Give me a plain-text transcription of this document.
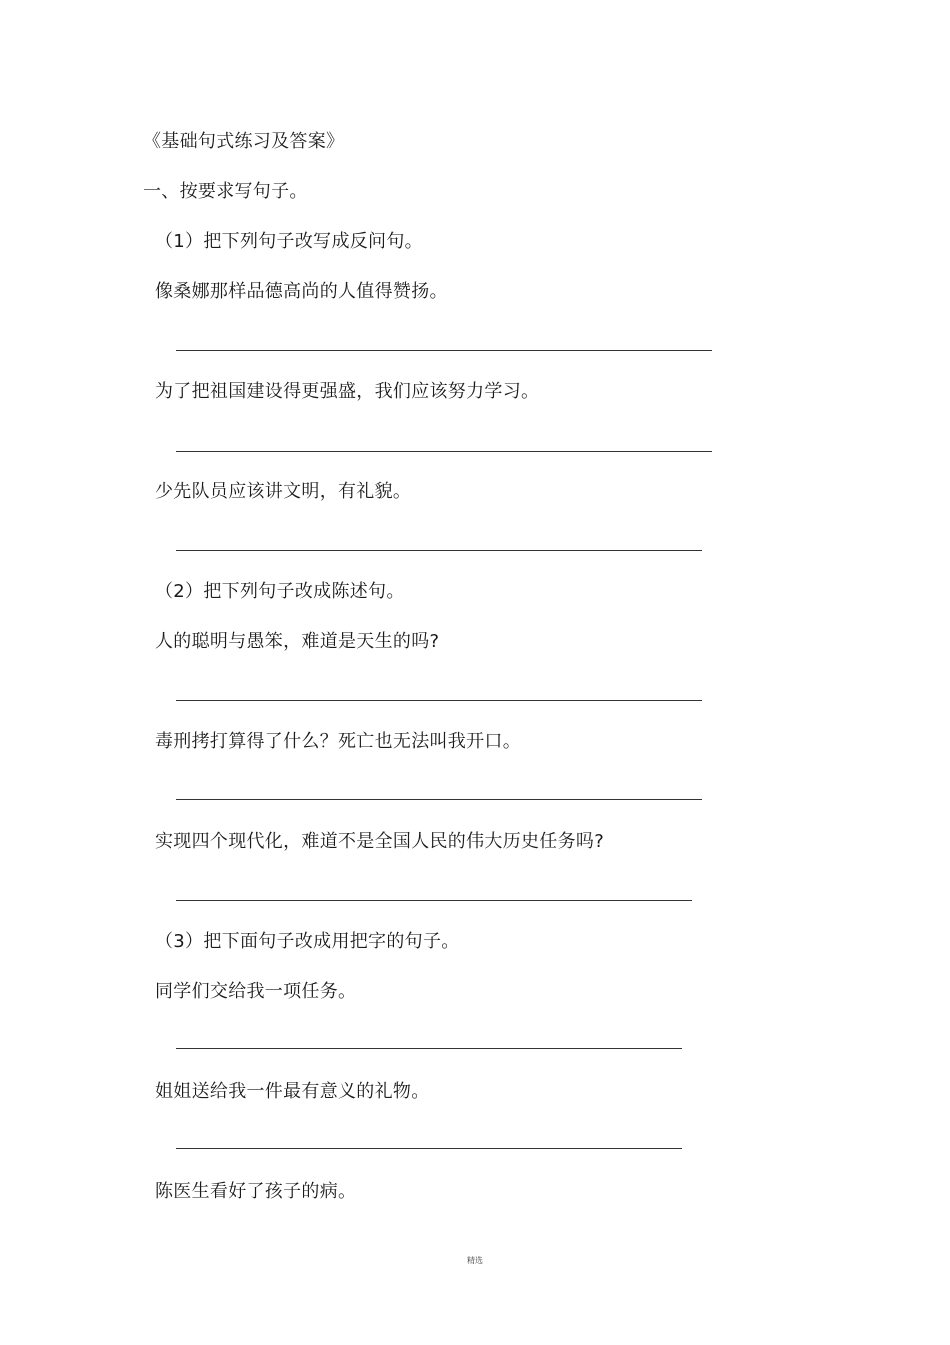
《基础句式练习及答案》
一、按要求写句子。
（1）把下列句子改写成反问句。
像桑娜那样品德高尚的人值得赞扬。
为了把祖国建设得更强盛，我们应该努力学习。
少先队员应该讲文明，有礼貌。
（2）把下列句子改成陈述句。
人的聪明与愚笨，难道是天生的吗?
毒刑拷打算得了什么？死亡也无法叫我开口。
实现四个现代化，难道不是全国人民的伟大历史任务吗?
（3）把下面句子改成用把字的句子。
同学们交给我一项任务。
姐姐送给我一件最有意义的礼物。
陈医生看好了孩子的病。
精选
